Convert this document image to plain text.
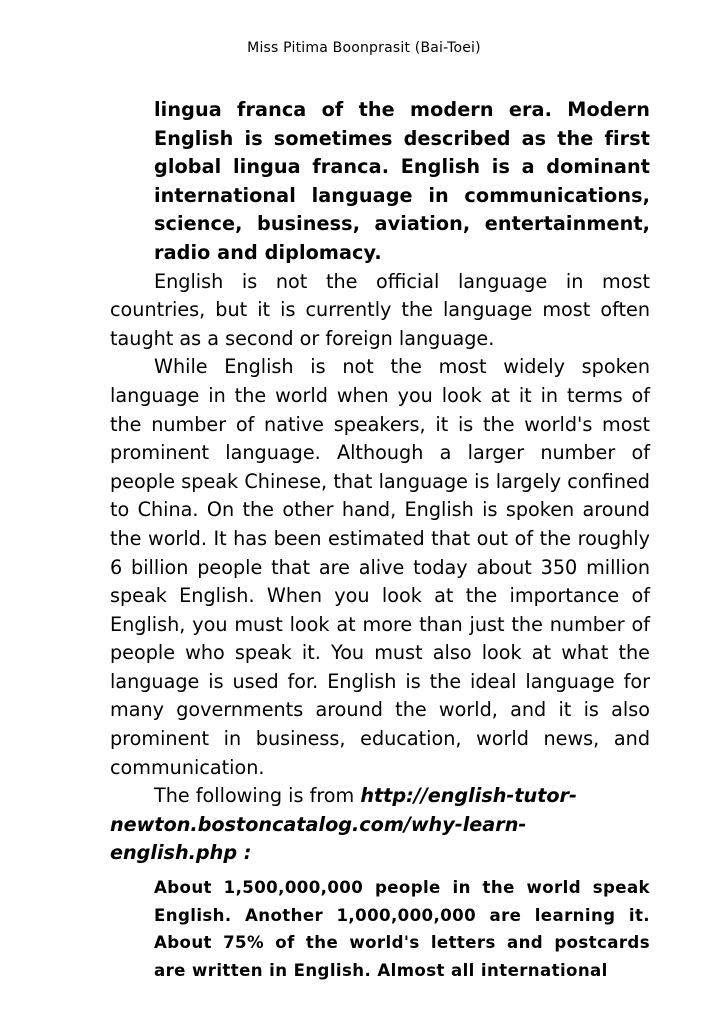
Miss Pitima Boonprasit (Bai-Toei)

lingua franca of the modern era. Modern English is sometimes described as the first global lingua franca. English is a dominant international language in communications, science, business, aviation, entertainment, radio and diplomacy.

English is not the official language in most countries, but it is currently the language most often taught as a second or foreign language.

While English is not the most widely spoken language in the world when you look at it in terms of the number of native speakers, it is the world's most prominent language. Although a larger number of people speak Chinese, that language is largely confined to China. On the other hand, English is spoken around the world. It has been estimated that out of the roughly 6 billion people that are alive today about 350 million speak English. When you look at the importance of English, you must look at more than just the number of people who speak it. You must also look at what the language is used for. English is the ideal language for many governments around the world, and it is also prominent in business, education, world news, and communication.

The following is from http://english-tutor-newton.bostoncatalog.com/why-learn-english.php :

About 1,500,000,000 people in the world speak English. Another 1,000,000,000 are learning it. About 75% of the world's letters and postcards are written in English. Almost all international
